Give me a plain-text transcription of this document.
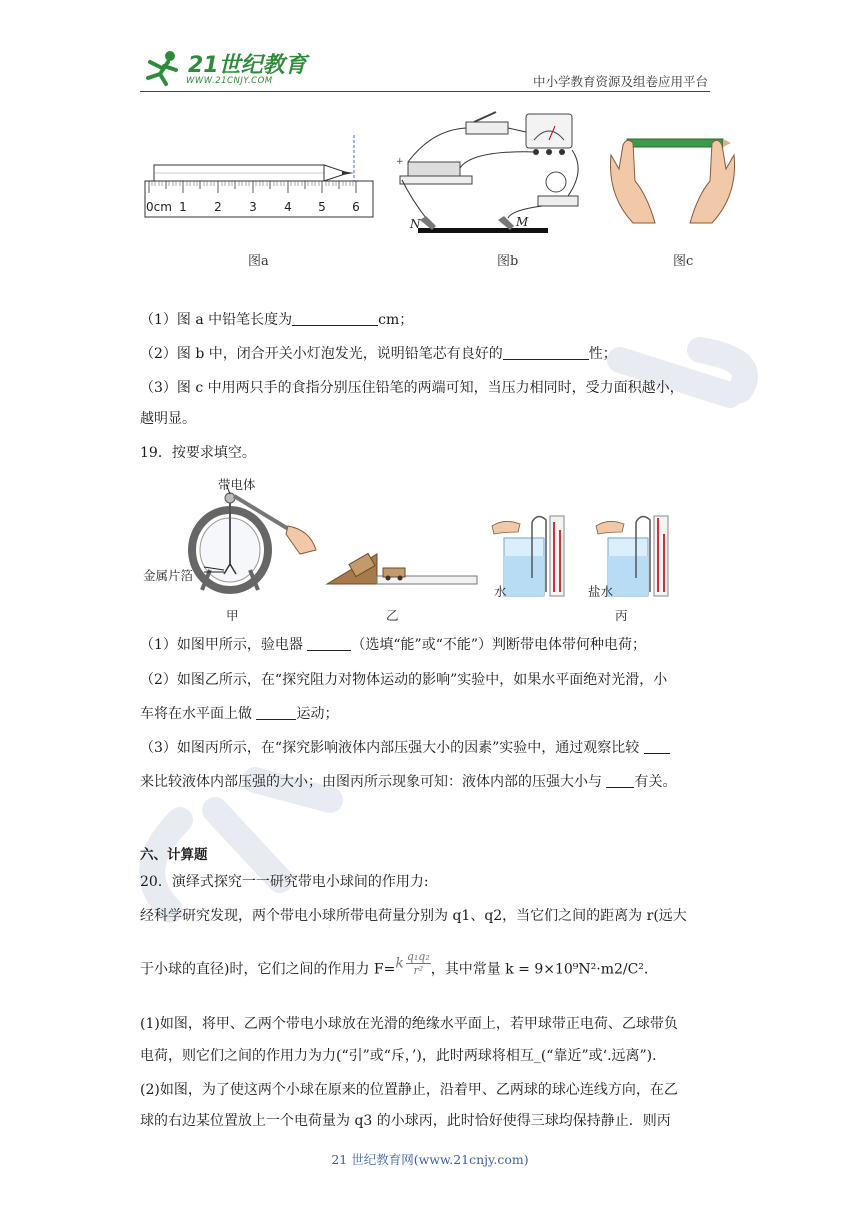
21世纪教育
WWW.21CNJY.COM	中小学教育资源及组卷应用平台
0cm 1 2 3 4 5 6
+
N	M
图a	图b	图c
（1）图 a 中铅笔长度为	cm；
（2）图 b 中，闭合开关小灯泡发光，说明铅笔芯有良好的	性；
（3）图 c 中用两只手的食指分别压住铅笔的两端可知，当压力相同时，受力面积越小，
越明显。
19．按要求填空。
带电体
金属片箔
甲	乙
水	盐水
丙
（1）如图甲所示，验电器	（选填“能”或“不能”）判断带电体带何种电荷；
（2）如图乙所示，在“探究阻力对物体运动的影响”实验中，如果水平面绝对光滑，小
车将在水平面上做	运动；
（3）如图丙所示，在“探究影响液体内部压强大小的因素”实验中，通过观察比较
来比较液体内部压强的大小；由图丙所示现象可知：液体内部的压强大小与 有关。
六、计算题
20．演绎式探究一一研究带电小球间的作用力:
经科学研究发现，两个带电小球所带电荷量分别为 q1、q2，当它们之间的距离为 r(远大
于小球的直径)时，它们之间的作用力 $F=k \frac{\text{q₁q₂}}{\text{r²}}$ ，其中常量 k = 9×10⁹N²·m2/C².
(1)如图，将甲、乙两个带电小球放在光滑的绝缘水平面上，若甲球带正电荷、乙球带负
电荷，则它们之间的作用力为力(“引”或“斥，’)，此时两球将相互_(“靠近”或‘.远离”).
(2)如图，为了使这两个小球在原来的位置静止，沿着甲、乙两球的球心连线方向，在乙
球的右边某位置放上一个电荷量为 q3 的小球丙，此时恰好使得三球均保持静止．则丙
21 世纪教育网(www.21cnjy.com)
